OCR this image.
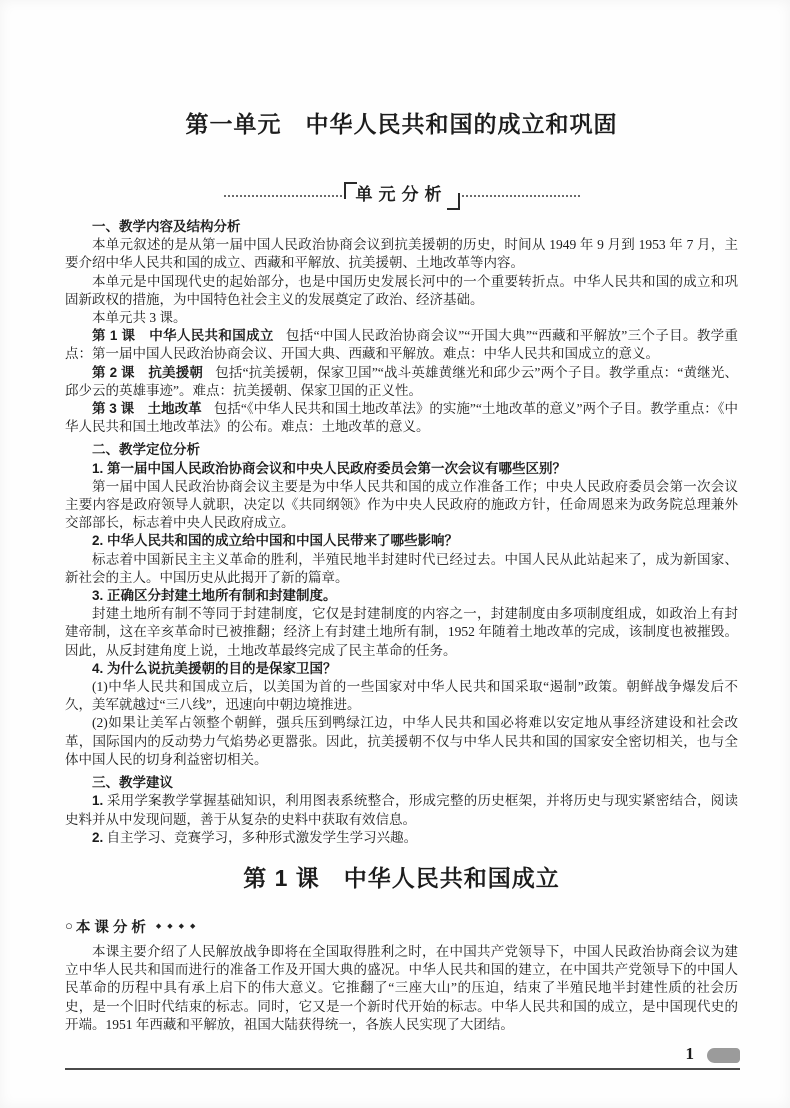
第一单元　中华人民共和国的成立和巩固
单元分析
一、教学内容及结构分析

本单元叙述的是从第一届中国人民政治协商会议到抗美援朝的历史，时间从 1949 年 9 月到 1953 年 7 月，主要介绍中华人民共和国的成立、西藏和平解放、抗美援朝、土地改革等内容。

本单元是中国现代史的起始部分，也是中国历史发展长河中的一个重要转折点。中华人民共和国的成立和巩固新政权的措施，为中国特色社会主义的发展奠定了政治、经济基础。

本单元共 3 课。

第 1 课　中华人民共和国成立 包括“中国人民政治协商会议”“开国大典”“西藏和平解放”三个子目。教学重点：第一届中国人民政治协商会议、开国大典、西藏和平解放。难点：中华人民共和国成立的意义。

第 2 课　抗美援朝 包括“抗美援朝，保家卫国”“战斗英雄黄继光和邱少云”两个子目。教学重点：“黄继光、邱少云的英雄事迹”。难点：抗美援朝、保家卫国的正义性。

第 3 课　土地改革 包括“《中华人民共和国土地改革法》的实施”“土地改革的意义”两个子目。教学重点：《中华人民共和国土地改革法》的公布。难点：土地改革的意义。

二、教学定位分析

1. 第一届中国人民政治协商会议和中央人民政府委员会第一次会议有哪些区别？

第一届中国人民政治协商会议主要是为中华人民共和国的成立作准备工作；中央人民政府委员会第一次会议主要内容是政府领导人就职，决定以《共同纲领》作为中央人民政府的施政方针，任命周恩来为政务院总理兼外交部部长，标志着中央人民政府成立。

2. 中华人民共和国的成立给中国和中国人民带来了哪些影响？

标志着中国新民主主义革命的胜利，半殖民地半封建时代已经过去。中国人民从此站起来了，成为新国家、新社会的主人。中国历史从此揭开了新的篇章。

3. 正确区分封建土地所有制和封建制度。

封建土地所有制不等同于封建制度，它仅是封建制度的内容之一，封建制度由多项制度组成，如政治上有封建帝制，这在辛亥革命时已被推翻；经济上有封建土地所有制，1952 年随着土地改革的完成，该制度也被摧毁。因此，从反封建角度上说，土地改革最终完成了民主革命的任务。

4. 为什么说抗美援朝的目的是保家卫国？

(1)中华人民共和国成立后，以美国为首的一些国家对中华人民共和国采取“遏制”政策。朝鲜战争爆发后不久，美军就越过“三八线”，迅速向中朝边境推进。

(2)如果让美军占领整个朝鲜，强兵压到鸭绿江边，中华人民共和国必将难以安定地从事经济建设和社会改革，国际国内的反动势力气焰势必更嚣张。因此，抗美援朝不仅与中华人民共和国的国家安全密切相关，也与全体中国人民的切身利益密切相关。

三、教学建议

1. 采用学案教学掌握基础知识，利用图表系统整合，形成完整的历史框架，并将历史与现实紧密结合，阅读史料并从中发现问题，善于从复杂的史料中获取有效信息。

2. 自主学习、竞赛学习，多种形式激发学生学习兴趣。

第 1 课　中华人民共和国成立
○ 本课分析 ◆◆◆◆

本课主要介绍了人民解放战争即将在全国取得胜利之时，在中国共产党领导下，中国人民政治协商会议为建立中华人民共和国而进行的准备工作及开国大典的盛况。中华人民共和国的建立，在中国共产党领导下的中国人民革命的历程中具有承上启下的伟大意义。它推翻了“三座大山”的压迫，结束了半殖民地半封建性质的社会历史，是一个旧时代结束的标志。同时，它又是一个新时代开始的标志。中华人民共和国的成立，是中国现代史的开端。1951 年西藏和平解放，祖国大陆获得统一，各族人民实现了大团结。

1
